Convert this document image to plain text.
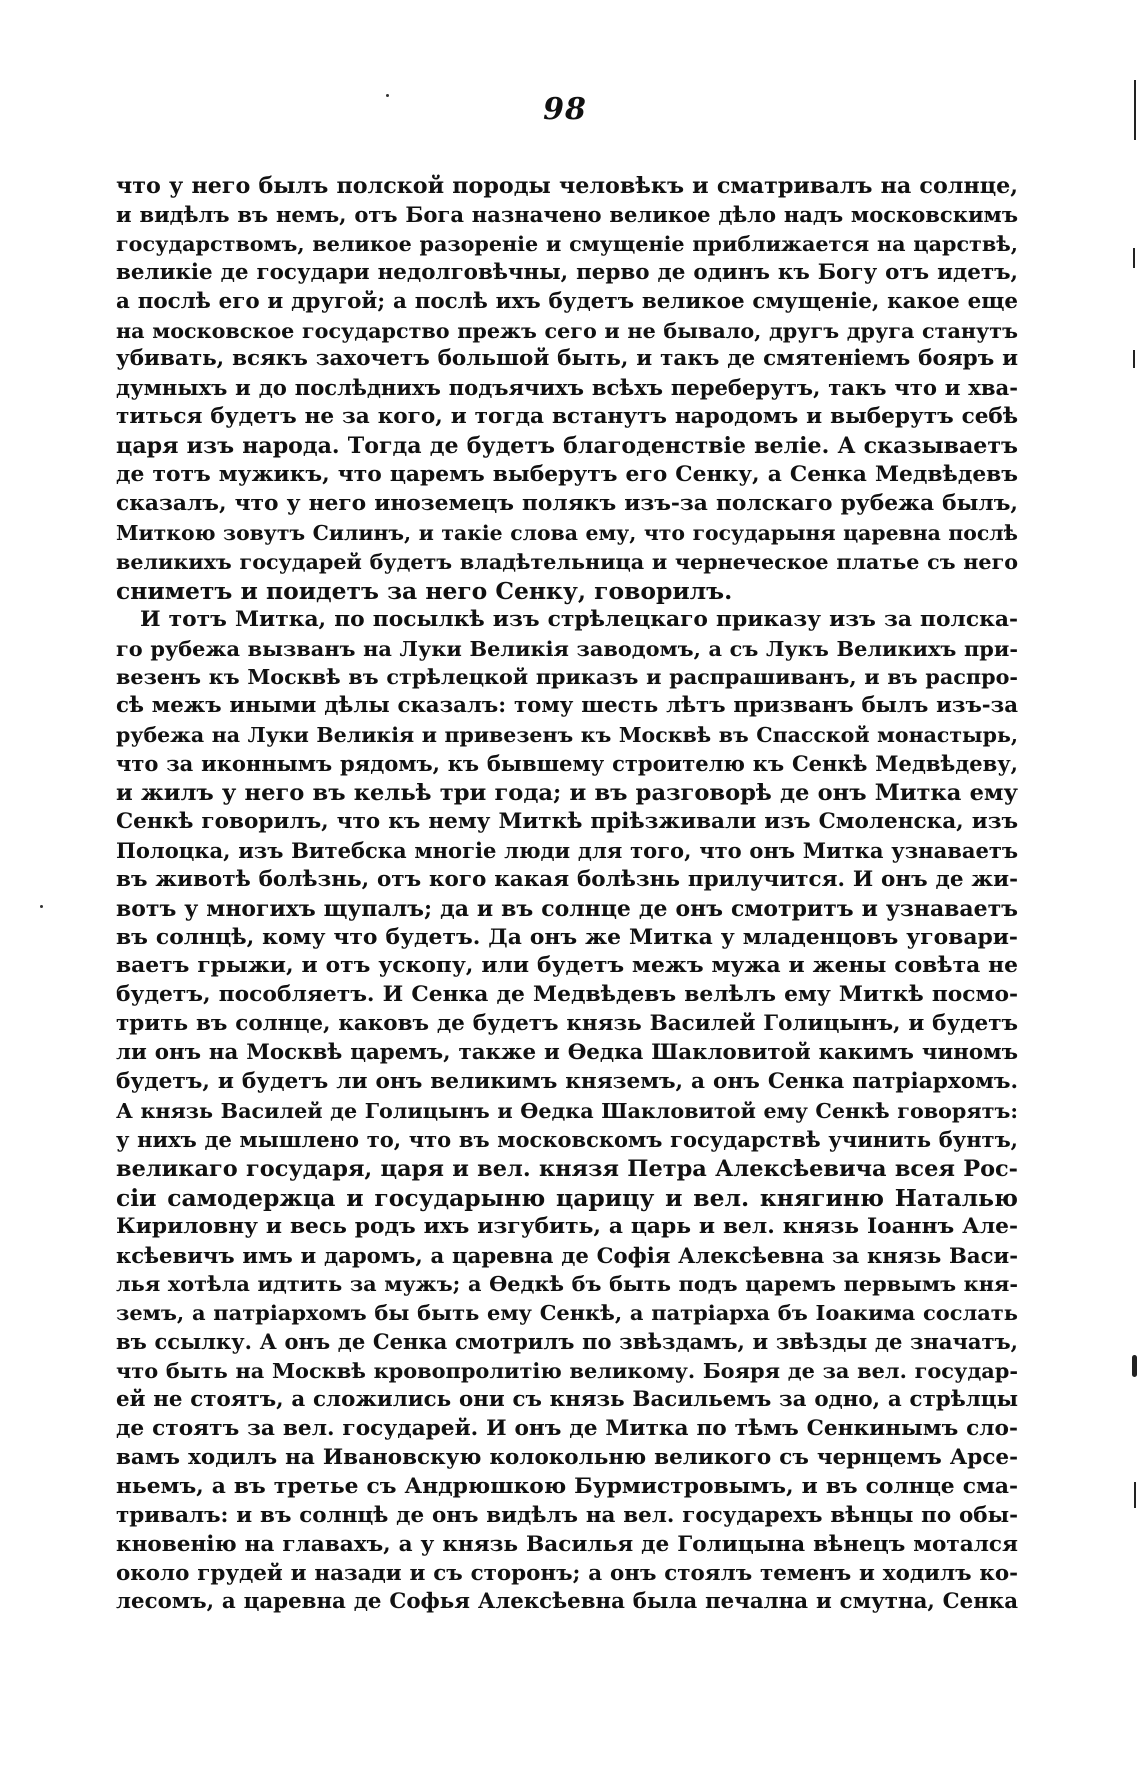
98
что у него былъ полской породы человѣкъ и сматривалъ на солнце,
и видѣлъ въ немъ, отъ Бога назначено великое дѣло надъ московскимъ
государствомъ, великое разореніе и смущеніе приближается на царствѣ,
великіе де государи недолговѣчны, перво де одинъ къ Богу отъ идетъ,
а послѣ его и другой; а послѣ ихъ будетъ великое смущеніе, какое еще
на московское государство прежъ сего и не бывало, другъ друга станутъ
убивать, всякъ захочетъ большой быть, и такъ де смятеніемъ бояръ и
думныхъ и до послѣднихъ подъячихъ всѣхъ переберутъ, такъ что и хва-
титься будетъ не за кого, и тогда встанутъ народомъ и выберутъ себѣ
царя изъ народа. Тогда де будетъ благоденствіе веліе. А сказываетъ
де тотъ мужикъ, что царемъ выберутъ его Сенку, а Сенка Медвѣдевъ
сказалъ, что у него иноземецъ полякъ изъ-за полскаго рубежа былъ,
Миткою зовутъ Силинъ, и такіе слова ему, что государыня царевна послѣ
великихъ государей будетъ владѣтельница и чернеческое платье съ него
сниметъ и поидетъ за него Сенку, говорилъ.
И тотъ Митка, по посылкѣ изъ стрѣлецкаго приказу изъ за полска-
го рубежа вызванъ на Луки Великія заводомъ, а съ Лукъ Великихъ при-
везенъ къ Москвѣ въ стрѣлецкой приказъ и распрашиванъ, и въ распро-
сѣ межъ иными дѣлы сказалъ: тому шесть лѣтъ призванъ былъ изъ-за
рубежа на Луки Великія и привезенъ къ Москвѣ въ Спасской монастырь,
что за иконнымъ рядомъ, къ бывшему строителю къ Сенкѣ Медвѣдеву,
и жилъ у него въ кельѣ три года; и въ разговорѣ де онъ Митка ему
Сенкѣ говорилъ, что къ нему Миткѣ пріѣзживали изъ Смоленска, изъ
Полоцка, изъ Витебска многіе люди для того, что онъ Митка узнаваетъ
въ животѣ болѣзнь, отъ кого какая болѣзнь прилучится. И онъ де жи-
вотъ у многихъ щупалъ; да и въ солнце де онъ смотритъ и узнаваетъ
въ солнцѣ, кому что будетъ. Да онъ же Митка у младенцовъ уговари-
ваетъ грыжи, и отъ ускопу, или будетъ межъ мужа и жены совѣта не
будетъ, пособляетъ. И Сенка де Медвѣдевъ велѣлъ ему Миткѣ посмо-
трить въ солнце, каковъ де будетъ князь Василей Голицынъ, и будетъ
ли онъ на Москвѣ царемъ, также и Өедка Шакловитой какимъ чиномъ
будетъ, и будетъ ли онъ великимъ княземъ, а онъ Сенка патріархомъ.
А князь Василей де Голицынъ и Өедка Шакловитой ему Сенкѣ говорятъ:
у нихъ де мышлено то, что въ московскомъ государствѣ учинить бунтъ,
великаго государя, царя и вел. князя Петра Алексѣевича всея Рос-
сіи самодержца и государыню царицу и вел. княгиню Наталью
Кириловну и весь родъ ихъ изгубить, а царь и вел. князь Іоаннъ Але-
ксѣевичъ имъ и даромъ, а царевна де Софія Алексѣевна за князь Васи-
лья хотѣла идтить за мужъ; а Өедкѣ бъ быть подъ царемъ первымъ кня-
земъ, а патріархомъ бы быть ему Сенкѣ, а патріарха бъ Іоакима сослать
въ ссылку. А онъ де Сенка смотрилъ по звѣздамъ, и звѣзды де значатъ,
что быть на Москвѣ кровопролитію великому. Бояря де за вел. государ-
ей не стоятъ, а сложились они съ князь Васильемъ за одно, а стрѣлцы
де стоятъ за вел. государей. И онъ де Митка по тѣмъ Сенкинымъ сло-
вамъ ходилъ на Ивановскую колокольню великого съ чернцемъ Арсе-
ньемъ, а въ третье съ Андрюшкою Бурмистровымъ, и въ солнце сма-
тривалъ: и въ солнцѣ де онъ видѣлъ на вел. государехъ вѣнцы по обы-
кновенію на главахъ, а у князь Василья де Голицына вѣнецъ мотался
около грудей и назади и съ сторонъ; а онъ стоялъ теменъ и ходилъ ко-
лесомъ, а царевна де Софья Алексѣевна была печална и смутна, Сенка
